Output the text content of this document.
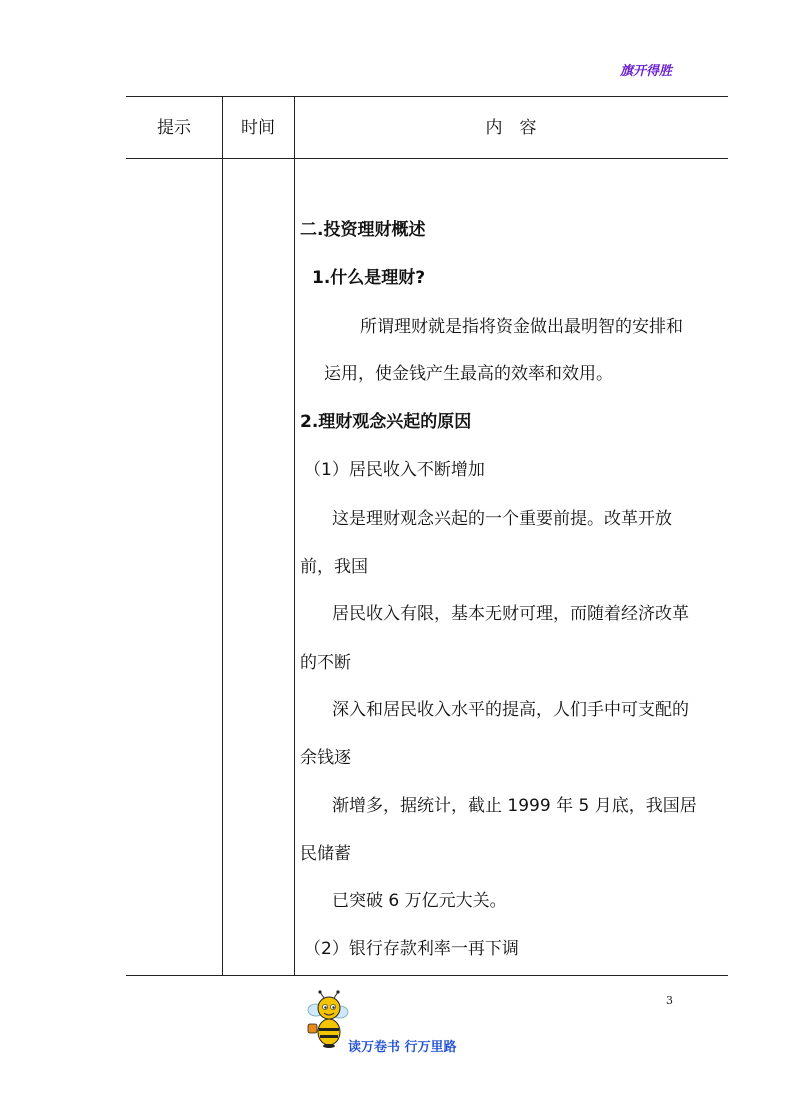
旗开得胜
提示	时间	内　容
二.投资理财概述
1.什么是理财?
所谓理财就是指将资金做出最明智的安排和
运用，使金钱产生最高的效率和效用。
2.理财观念兴起的原因
（1）居民收入不断增加
这是理财观念兴起的一个重要前提。改革开放
前，我国
居民收入有限，基本无财可理，而随着经济改革
的不断
深入和居民收入水平的提高，人们手中可支配的
余钱逐
渐增多，据统计，截止 1999 年 5 月底，我国居
民储蓄
已突破 6 万亿元大关。
（2）银行存款利率一再下调
3
读万卷书 行万里路
